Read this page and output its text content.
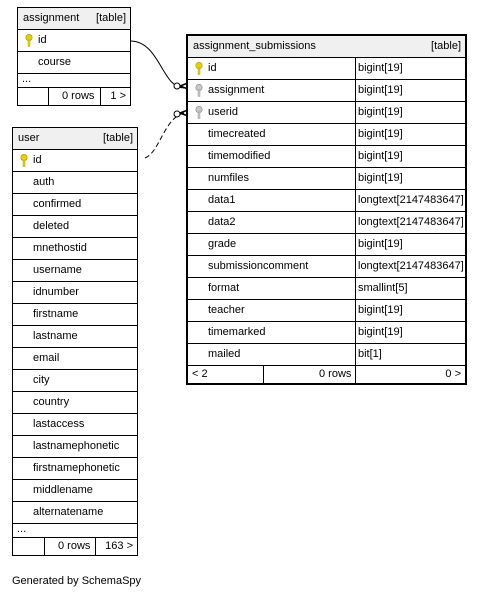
assignment [table]
id
course
...
0 rows 1 >
user	[table]
id
auth
confirmed
deleted
mnethostid
username
idnumber
firstname
lastname
email
city
country
lastaccess
lastnamephonetic
firstnamephonetic
middlename
alternatename
...
0 rows 163 >
assignment_submissions	[table]
id	bigint[19]
assignment	bigint[19]
userid	bigint[19]
timecreated	bigint[19]
timemodified	bigint[19]
numfiles	bigint[19]
data1	longtext[2147483647]
data2	longtext[2147483647]
grade	bigint[19]
submissioncomment	longtext[2147483647]
format	smallint[5]
teacher	bigint[19]
timemarked	bigint[19]
mailed	bit[1]
< 2	0 rows	0 >
Generated by SchemaSpy
